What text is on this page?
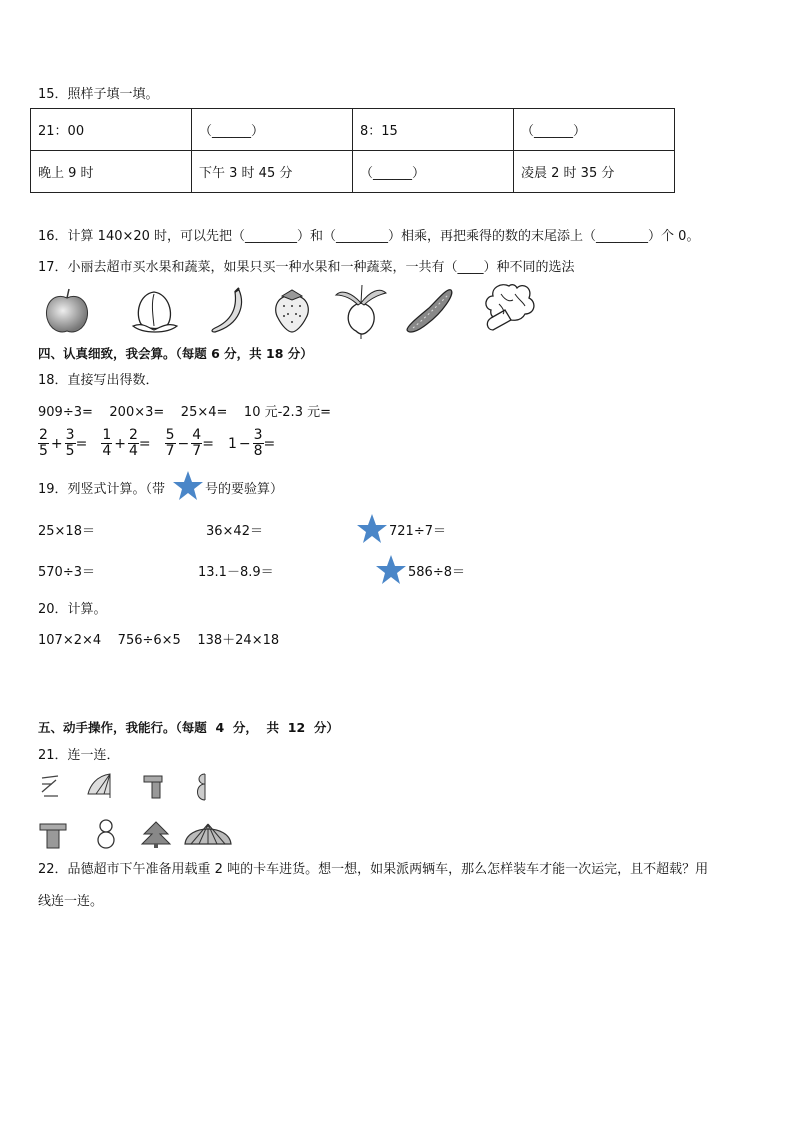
15．照样子填一填。
21：00	（______）	8：15	（______）
晚上 9 时	下午 3 时 45 分	（______）	凌晨 2 时 35 分
16．计算 140×20 时，可以先把（________）和（________）相乘，再把乘得的数的末尾添上（________）个 0。
17．小丽去超市买水果和蔬菜，如果只买一种水果和一种蔬菜，一共有（____）种不同的选法
四、认真细致，我会算。（每题 6 分，共 18 分）
18．直接写出得数．
909÷3=    200×3=    25×4=    10 元-2.3 元=
$\frac{2}{5} + \frac{3}{5} = \frac{1}{4} + \frac{2}{4} = \frac{5}{7} - \frac{4}{7} = 1 - \frac{3}{8}$ =
19．列竖式计算。（带	号的要验算）
25×18＝	36×42＝	721÷7＝
570÷3＝	13.1－8.9＝	586÷8＝
20．计算。
107×2×4    756÷6×5    138＋24×18
五、动手操作，我能行。（每题  4  分，  共  12  分）
21．连一连．
22．品德超市下午准备用载重 2 吨的卡车进货。想一想，如果派两辆车，那么怎样装车才能一次运完，且不超载？用
线连一连。
